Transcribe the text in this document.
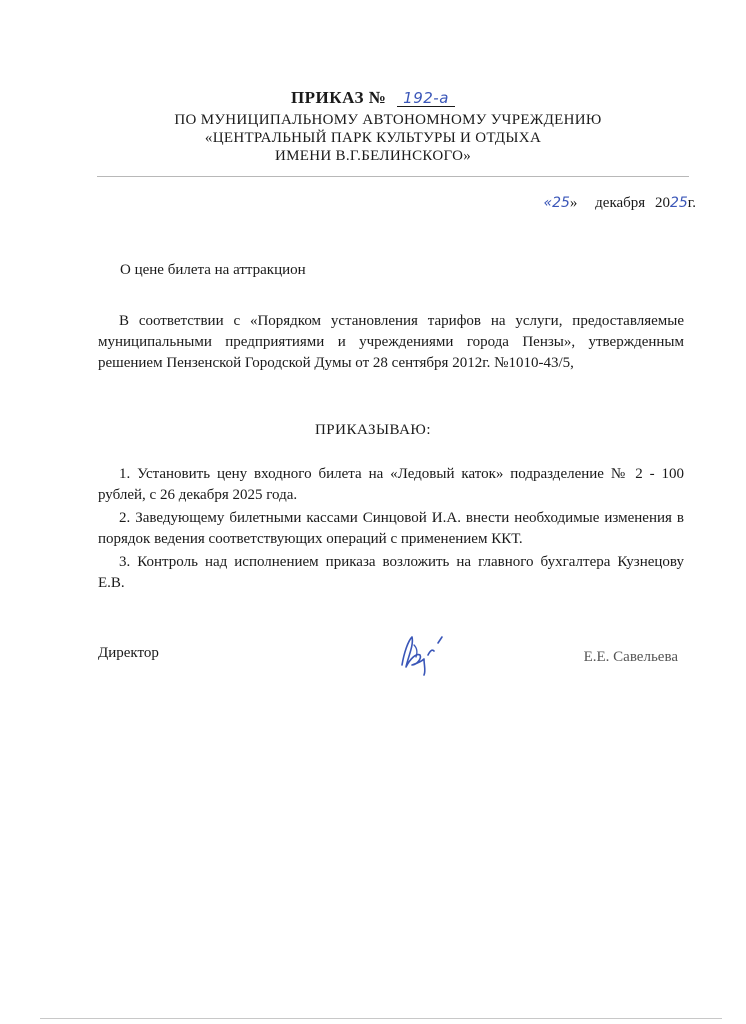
ПРИКАЗ № 192-а
ПО МУНИЦИПАЛЬНОМУ АВТОНОМНОМУ УЧРЕЖДЕНИЮ
«ЦЕНТРАЛЬНЫЙ ПАРК КУЛЬТУРЫ И ОТДЫХА
ИМЕНИ В.Г.БЕЛИНСКОГО»
«25» декабря 2025г.
О цене билета на аттракцион
В соответствии с «Порядком установления тарифов на услуги, предоставляемые муниципальными предприятиями и учреждениями города Пензы», утвержденным решением Пензенской Городской Думы от 28 сентября 2012г. №1010-43/5,
ПРИКАЗЫВАЮ:
1. Установить цену входного билета на «Ледовый каток» подразделение № 2 - 100 рублей, с 26 декабря 2025 года.
2. Заведующему билетными кассами Синцовой И.А. внести необходимые изменения в порядок ведения соответствующих операций с применением ККТ.
3. Контроль над исполнением приказа возложить на главного бухгалтера Кузнецову Е.В.
Директор	Е.Е. Савельева
